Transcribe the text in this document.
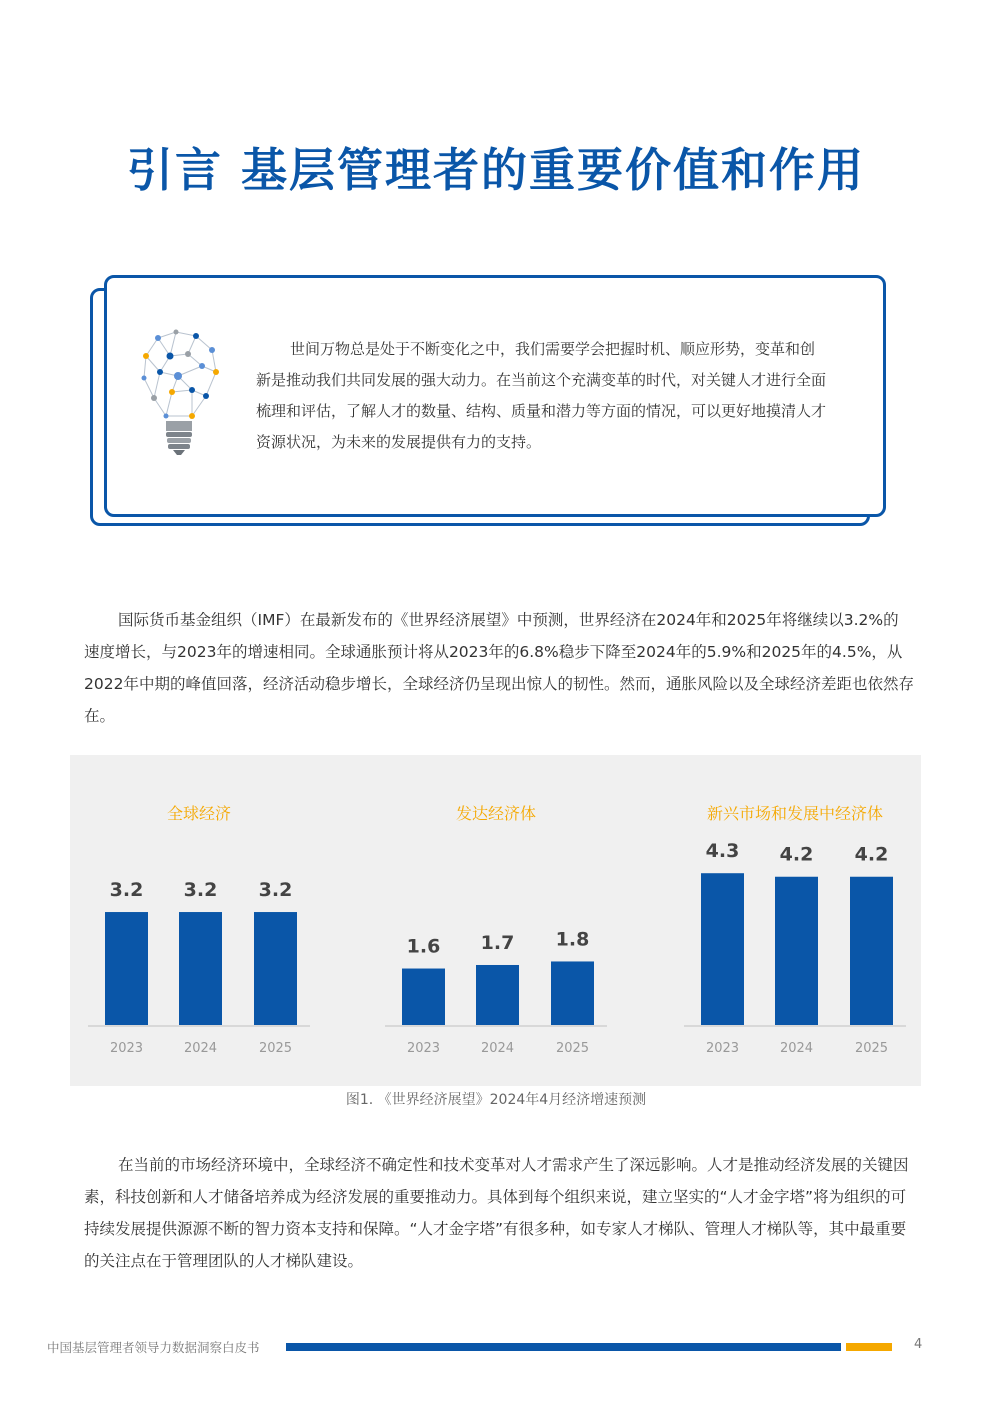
引言 基层管理者的重要价值和作用

世间万物总是处于不断变化之中，我们需要学会把握时机、顺应形势，变革和创新是推动我们共同发展的强大动力。在当前这个充满变革的时代，对关键人才进行全面梳理和评估，了解人才的数量、结构、质量和潜力等方面的情况，可以更好地摸清人才资源状况，为未来的发展提供有力的支持。

国际货币基金组织（IMF）在最新发布的《世界经济展望》中预测，世界经济在2024年和2025年将继续以3.2%的速度增长，与2023年的增速相同。全球通胀预计将从2023年的6.8%稳步下降至2024年的5.9%和2025年的4.5%，从2022年中期的峰值回落，经济活动稳步增长，全球经济仍呈现出惊人的韧性。然而，通胀风险以及全球经济差距也依然存在。

全球经济
3.2
2023
3.2
2024
3.2
2025
发达经济体
1.6
2023
1.7
2024
1.8
2025
新兴市场和发展中经济体
4.3
2023
4.2
2024
4.2
2025
图1. 《世界经济展望》2024年4月经济增速预测

在当前的市场经济环境中，全球经济不确定性和技术变革对人才需求产生了深远影响。人才是推动经济发展的关键因素，科技创新和人才储备培养成为经济发展的重要推动力。具体到每个组织来说，建立坚实的“人才金字塔”将为组织的可持续发展提供源源不断的智力资本支持和保障。“人才金字塔”有很多种，如专家人才梯队、管理人才梯队等，其中最重要的关注点在于管理团队的人才梯队建设。

中国基层管理者领导力数据洞察白皮书	4
